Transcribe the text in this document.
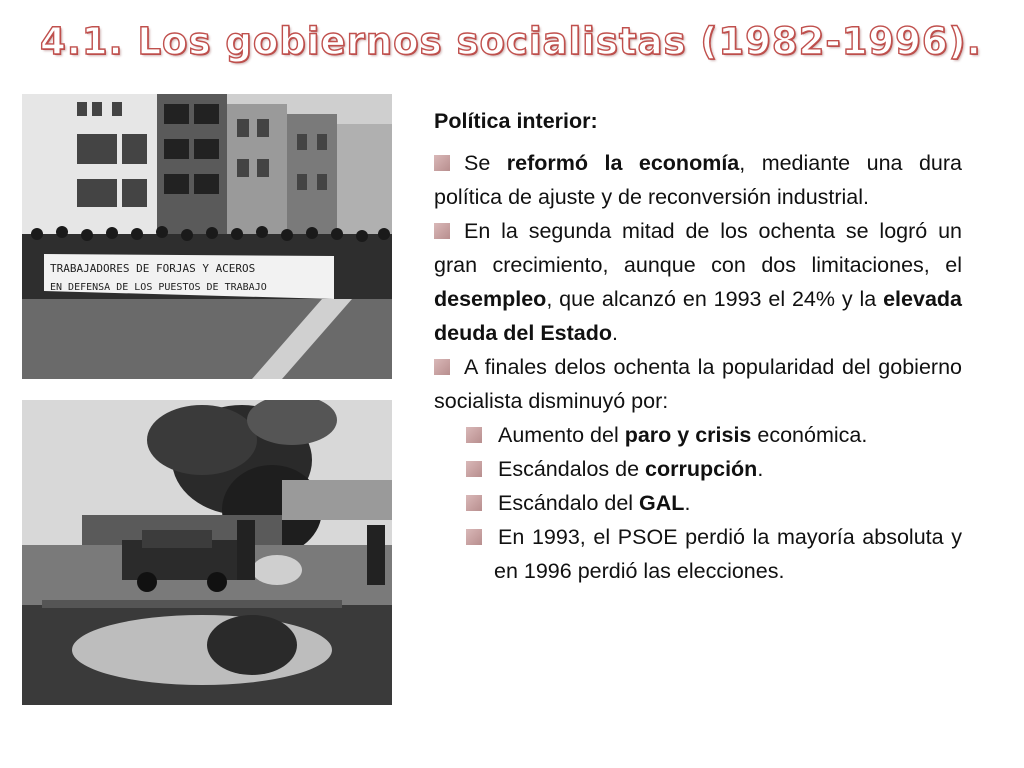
4.1. Los gobiernos socialistas (1982-1996).
TRABAJADORES DE FORJAS Y ACEROS
EN DEFENSA DE LOS PUESTOS DE TRABAJO

Política interior:

Se reformó la economía, mediante una dura política de ajuste y de reconversión industrial.

En la segunda mitad de los ochenta se logró un gran crecimiento, aunque con dos limitaciones, el desempleo, que alcanzó en 1993 el 24% y la elevada deuda del Estado.

A finales delos ochenta la popularidad del gobierno socialista disminuyó por:

Aumento del paro y crisis económica.

Escándalos de corrupción.

Escándalo del GAL.

En 1993, el PSOE perdió la mayoría absoluta y en 1996 perdió las elecciones.
